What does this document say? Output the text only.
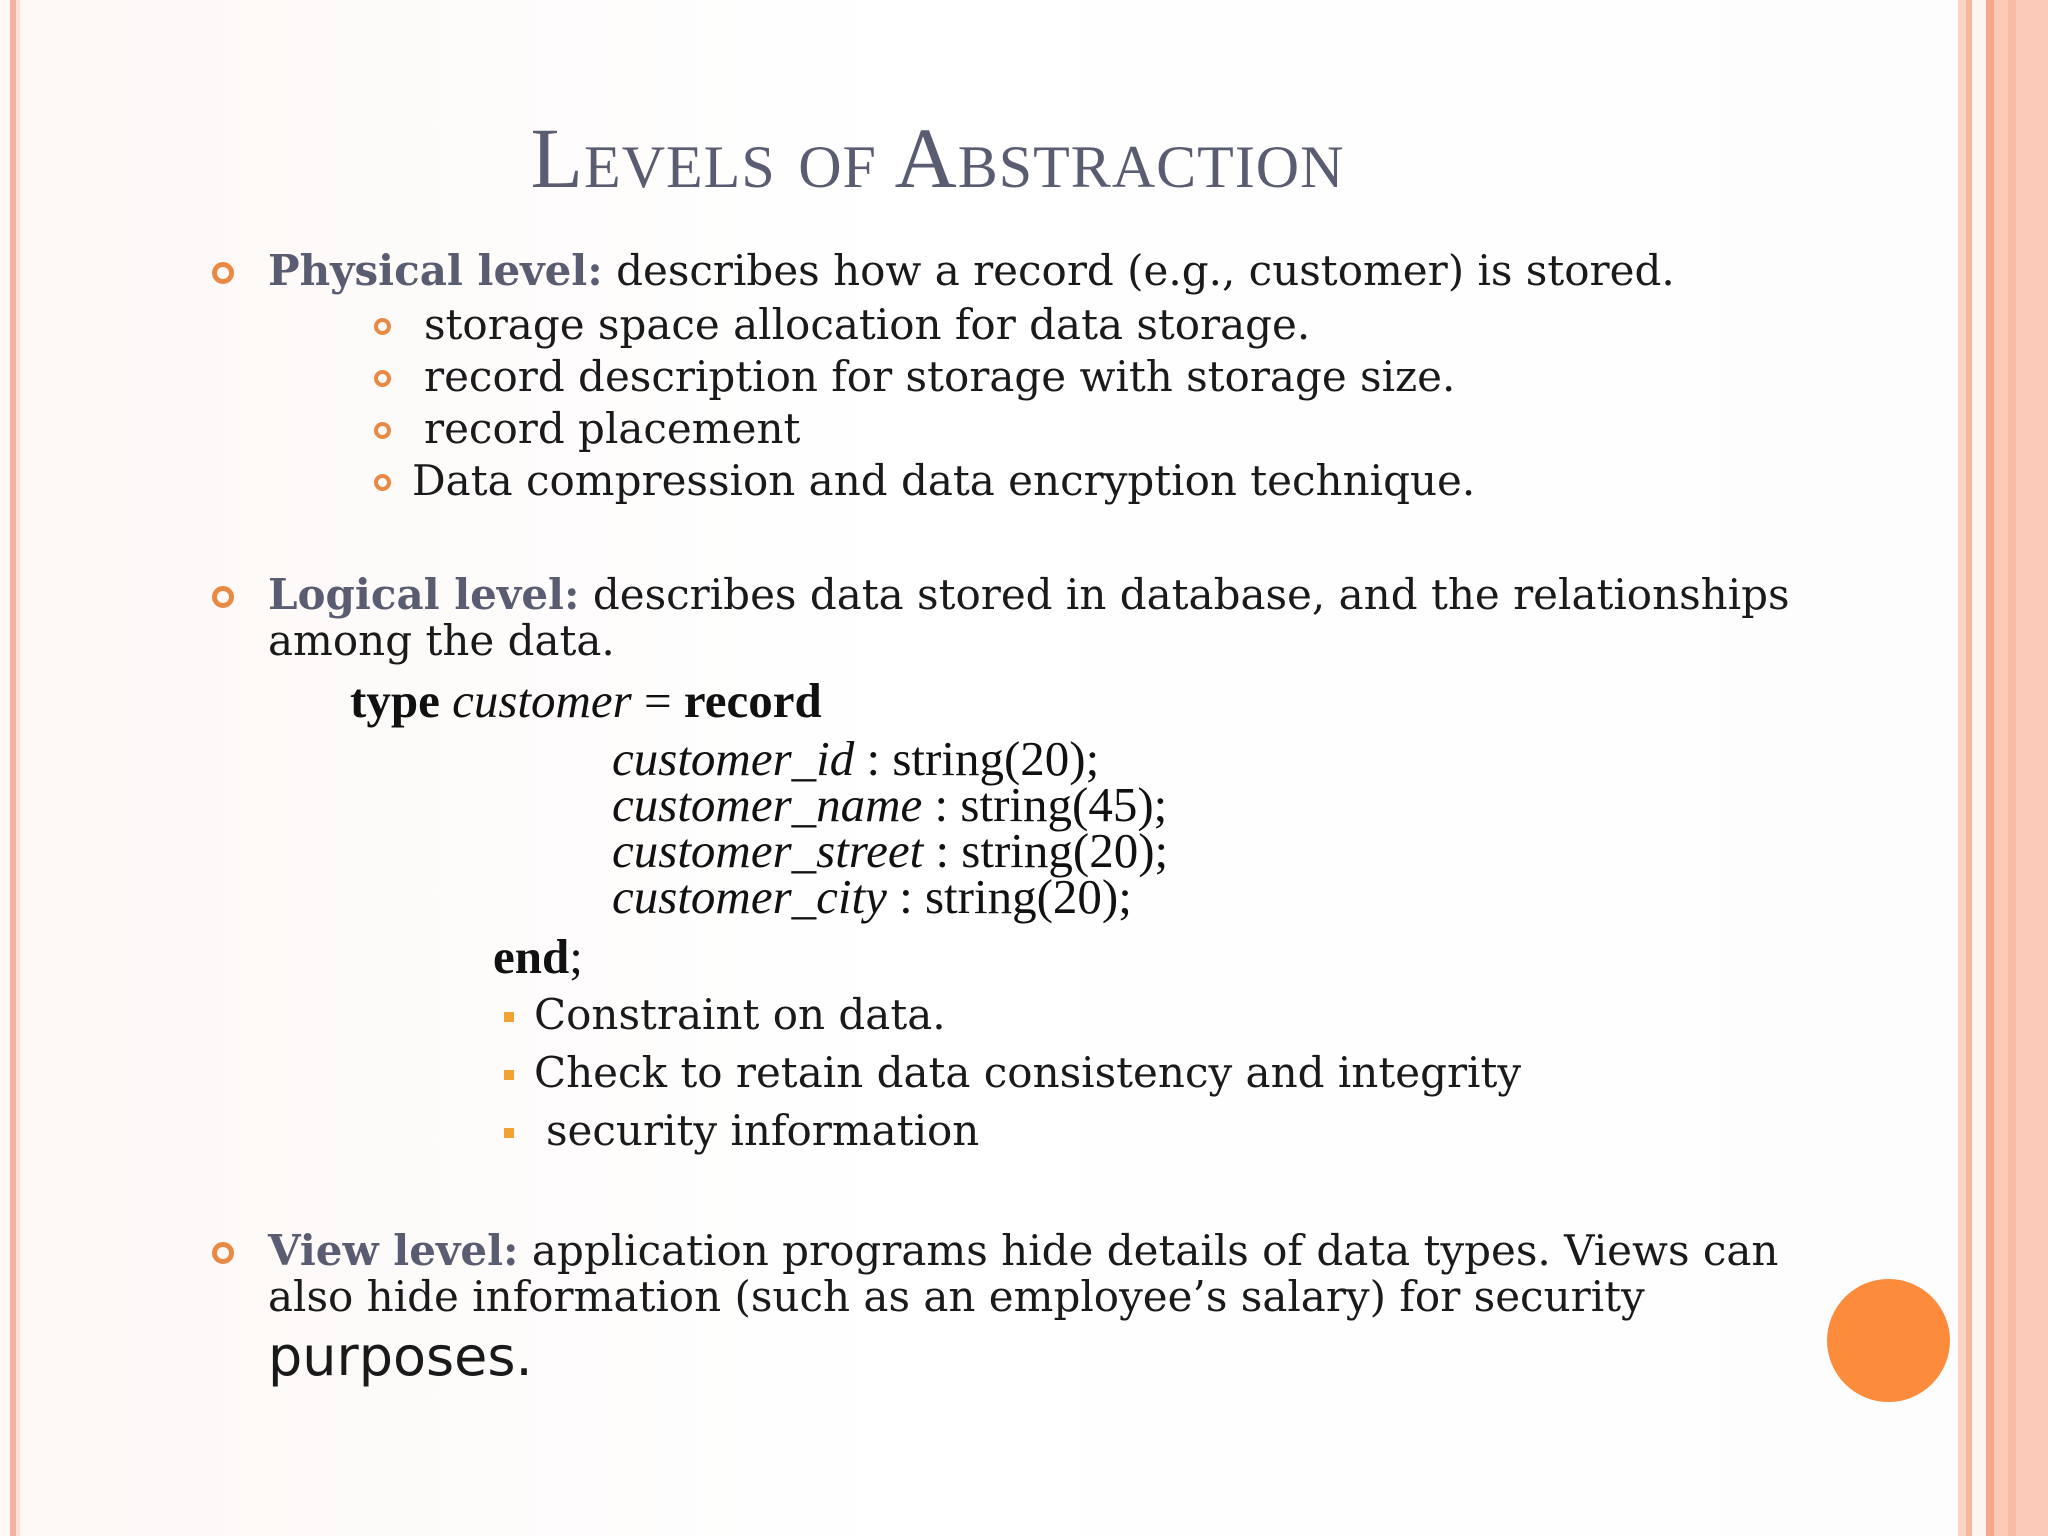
Levels of Abstraction
Physical level: describes how a record (e.g., customer) is stored.
storage space allocation for data storage.
record description for storage with storage size.
record placement
Data compression and data encryption technique.
Logical level: describes data stored in database, and the relationships
among the data.
type customer = record
customer_id : string(20);
customer_name : string(45);
customer_street : string(20);
customer_city : string(20);
end;
Constraint on data.
Check to retain data consistency and integrity
security information
View level: application programs hide details of data types. Views can
also hide information (such as an employee’s salary) for security
purposes.
